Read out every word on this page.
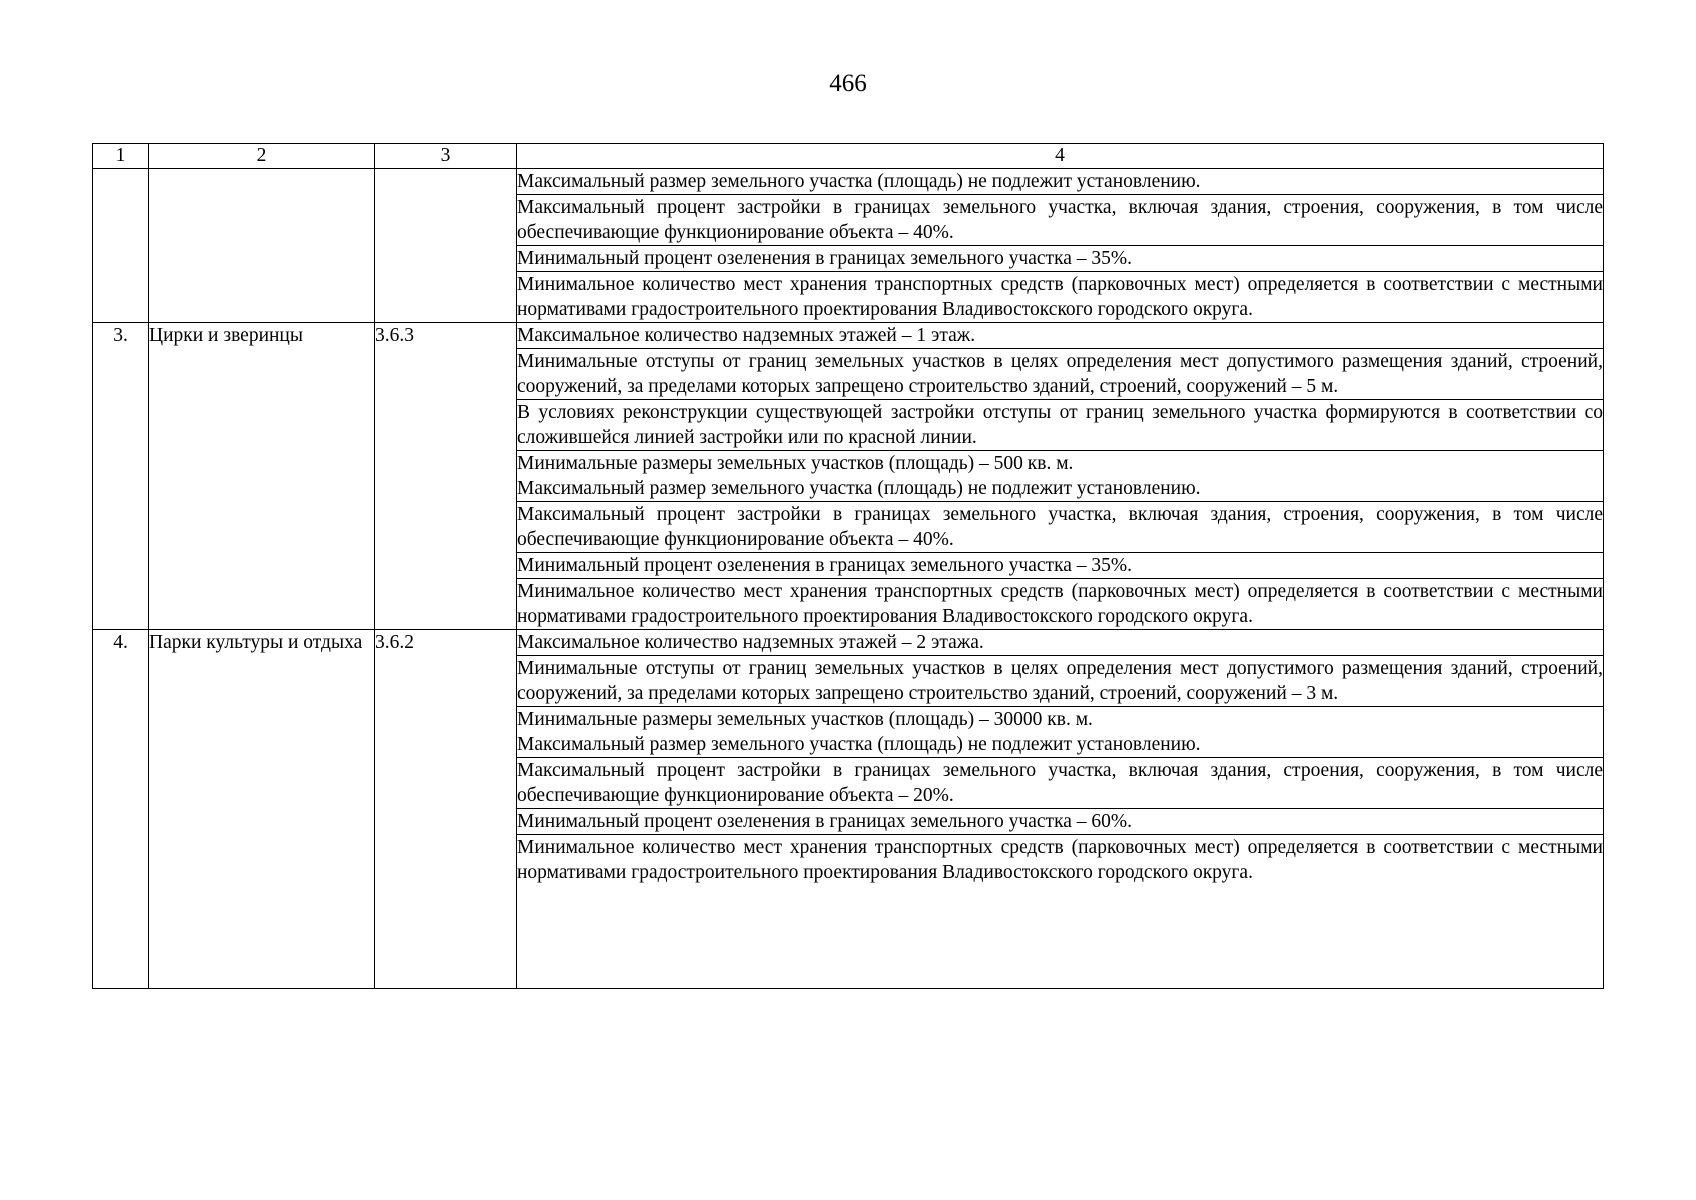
466
1	2	3	4
			Максимальный размер земельного участка (площадь) не подлежит установлению.
			Максимальный процент застройки в границах земельного участка, включая здания, строения, сооружения, в том числе обеспечивающие функционирование объекта – 40%.
			Минимальный процент озеленения в границах земельного участка – 35%.
			Минимальное количество мест хранения транспортных средств (парковочных мест) определяется в соответствии с местными нормативами градостроительного проектирования Владивостокского городского округа.
3.	Цирки и зверинцы	3.6.3	Максимальное количество надземных этажей – 1 этаж.

			Минимальные отступы от границ земельных участков в целях определения мест допустимого размещения зданий, строений, сооружений, за пределами которых запрещено строительство зданий, строений, сооружений – 5 м.

			В условиях реконструкции существующей застройки отступы от границ земельного участка формируются в соответствии со сложившейся линией застройки или по красной линии.

			Минимальные размеры земельных участков (площадь) – 500 кв. м.
Максимальный размер земельного участка (площадь) не подлежит установлению.

			Максимальный процент застройки в границах земельного участка, включая здания, строения, сооружения, в том числе обеспечивающие функционирование объекта – 40%.

			Минимальный процент озеленения в границах земельного участка – 35%.

			Минимальное количество мест хранения транспортных средств (парковочных мест) определяется в соответствии с местными нормативами градостроительного проектирования Владивостокского городского округа.

4.	Парки культуры и отдыха	3.6.2	Максимальное количество надземных этажей – 2 этажа.

			Минимальные отступы от границ земельных участков в целях определения мест допустимого размещения зданий, строений, сооружений, за пределами которых запрещено строительство зданий, строений, сооружений – 3 м.

			Минимальные размеры земельных участков (площадь) – 30000 кв. м.
Максимальный размер земельного участка (площадь) не подлежит установлению.

			Максимальный процент застройки в границах земельного участка, включая здания, строения, сооружения, в том числе обеспечивающие функционирование объекта – 20%.

			Минимальный процент озеленения в границах земельного участка – 60%.

			Минимальное количество мест хранения транспортных средств (парковочных мест) определяется в соответствии с местными нормативами градостроительного проектирования Владивостокского городского округа.
